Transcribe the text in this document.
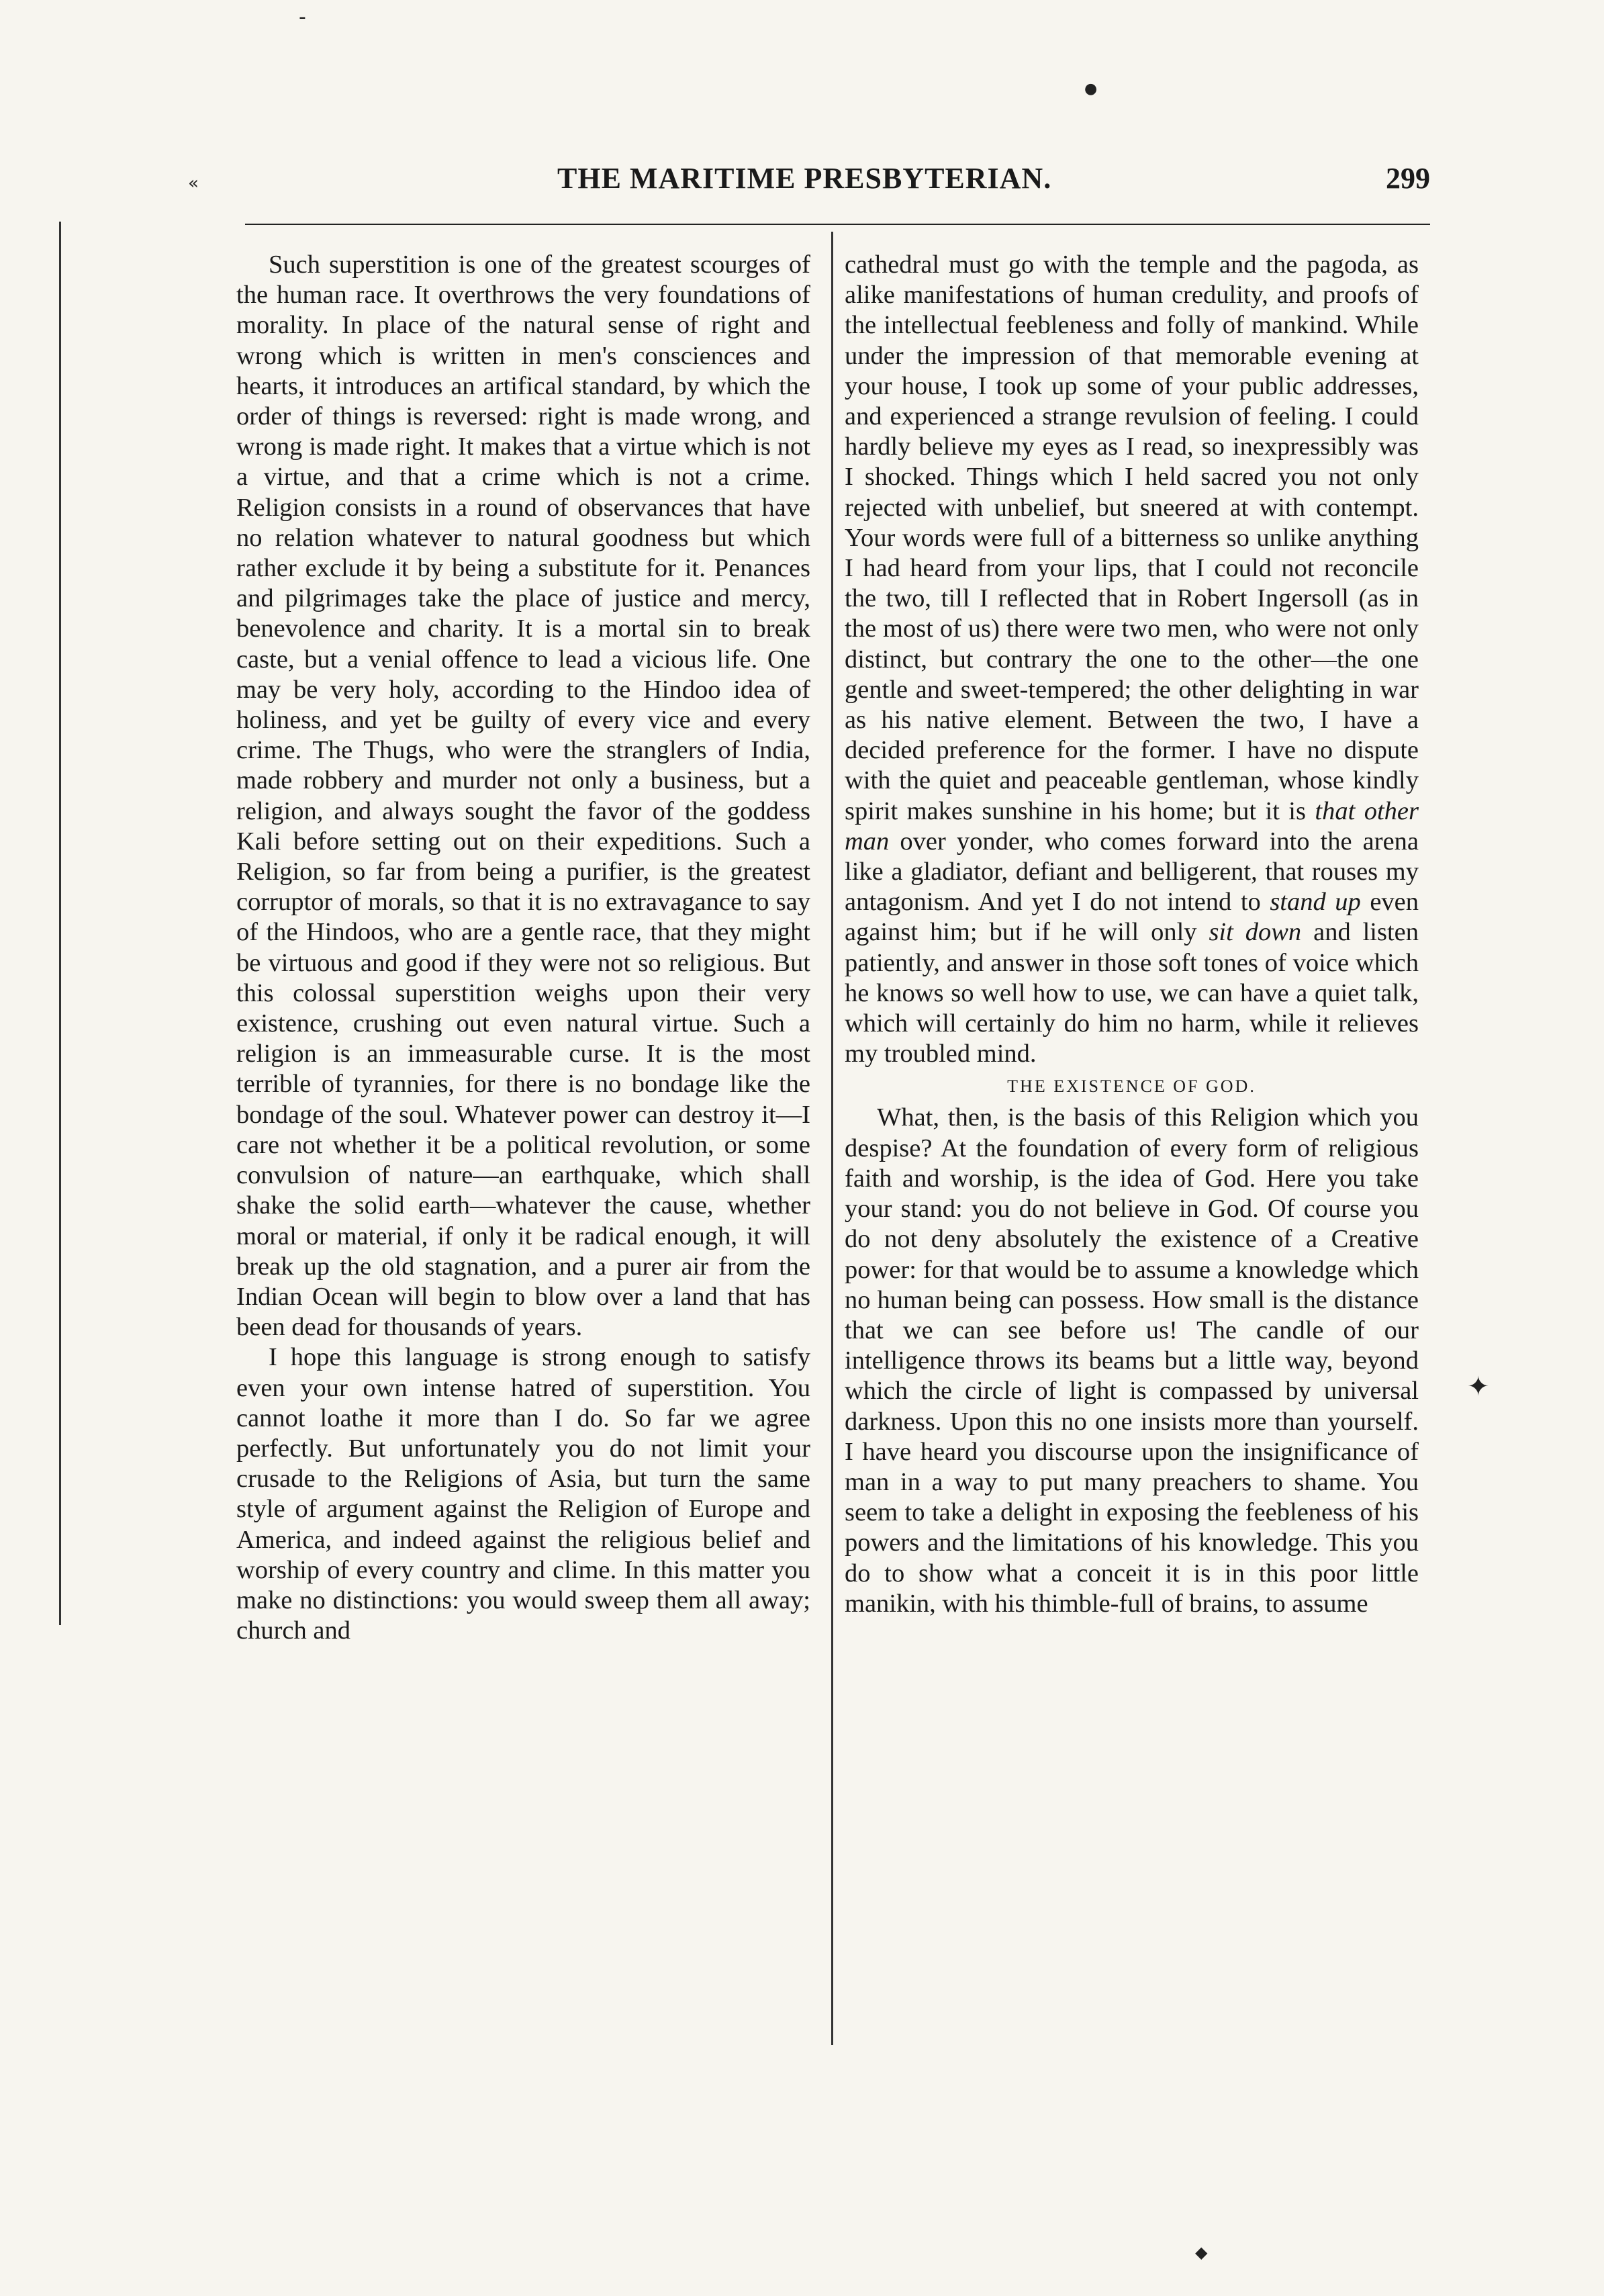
THE MARITIME PRESBYTERIAN.	299
-
●
«
✦
◆

Such superstition is one of the greatest scourges of the human race. It overthrows the very foundations of morality. In place of the natural sense of right and wrong which is written in men's consciences and hearts, it introduces an artifical standard, by which the order of things is reversed: right is made wrong, and wrong is made right. It makes that a virtue which is not a virtue, and that a crime which is not a crime. Religion consists in a round of observances that have no relation whatever to natural goodness but which rather exclude it by being a substitute for it. Penances and pilgrimages take the place of justice and mercy, benevolence and charity. It is a mortal sin to break caste, but a venial offence to lead a vicious life. One may be very holy, according to the Hindoo idea of holiness, and yet be guilty of every vice and every crime. The Thugs, who were the stranglers of India, made robbery and murder not only a business, but a religion, and always sought the favor of the goddess Kali before setting out on their expeditions. Such a Religion, so far from being a purifier, is the greatest corruptor of morals, so that it is no extravagance to say of the Hindoos, who are a gentle race, that they might be virtuous and good if they were not so religious. But this colossal superstition weighs upon their very existence, crushing out even natural virtue. Such a religion is an immeasurable curse. It is the most terrible of tyrannies, for there is no bondage like the bondage of the soul. Whatever power can destroy it—I care not whether it be a political revolution, or some convulsion of nature—an earthquake, which shall shake the solid earth—whatever the cause, whether moral or material, if only it be radical enough, it will break up the old stagnation, and a purer air from the Indian Ocean will begin to blow over a land that has been dead for thousands of years.

I hope this language is strong enough to satisfy even your own intense hatred of superstition. You cannot loathe it more than I do. So far we agree perfectly. But unfortunately you do not limit your crusade to the Religions of Asia, but turn the same style of argument against the Religion of Europe and America, and indeed against the religious belief and worship of every country and clime. In this matter you make no distinctions: you would sweep them all away; church and

cathedral must go with the temple and the pagoda, as alike manifestations of human credulity, and proofs of the intellectual feebleness and folly of mankind. While under the impression of that memorable evening at your house, I took up some of your public addresses, and experienced a strange revulsion of feeling. I could hardly believe my eyes as I read, so inexpressibly was I shocked. Things which I held sacred you not only rejected with unbelief, but sneered at with contempt. Your words were full of a bitterness so unlike anything I had heard from your lips, that I could not reconcile the two, till I reflected that in Robert Ingersoll (as in the most of us) there were two men, who were not only distinct, but contrary the one to the other—the one gentle and sweet-tempered; the other delighting in war as his native element. Between the two, I have a decided preference for the former. I have no dispute with the quiet and peaceable gentleman, whose kindly spirit makes sunshine in his home; but it is that other man over yonder, who comes forward into the arena like a gladiator, defiant and belligerent, that rouses my antagonism. And yet I do not intend to stand up even against him; but if he will only sit down and listen patiently, and answer in those soft tones of voice which he knows so well how to use, we can have a quiet talk, which will certainly do him no harm, while it relieves my troubled mind.

THE EXISTENCE OF GOD.

What, then, is the basis of this Religion which you despise? At the foundation of every form of religious faith and worship, is the idea of God. Here you take your stand: you do not believe in God. Of course you do not deny absolutely the existence of a Creative power: for that would be to assume a knowledge which no human being can possess. How small is the distance that we can see before us! The candle of our intelligence throws its beams but a little way, beyond which the circle of light is compassed by universal darkness. Upon this no one insists more than yourself. I have heard you discourse upon the insignificance of man in a way to put many preachers to shame. You seem to take a delight in exposing the feebleness of his powers and the limitations of his knowledge. This you do to show what a conceit it is in this poor little manikin, with his thimble-full of brains, to assume
